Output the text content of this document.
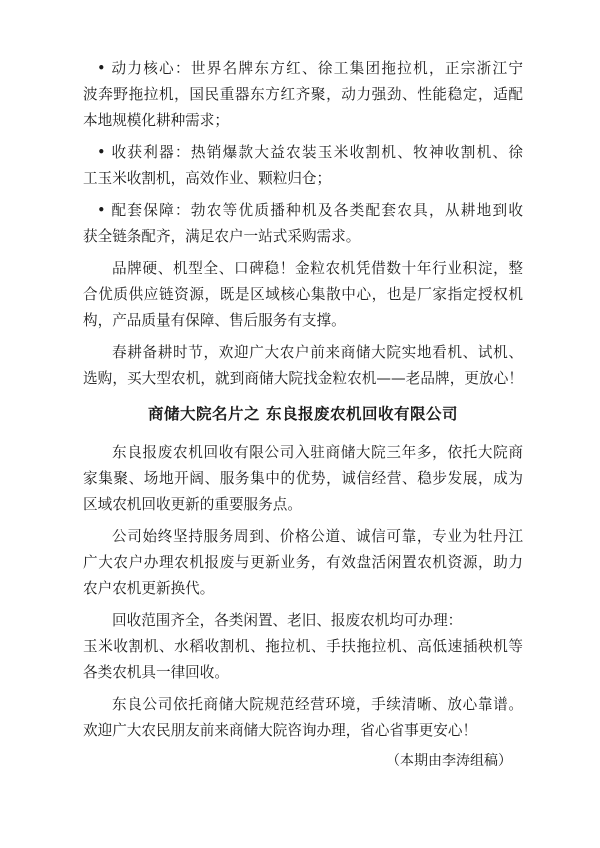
• 动力核心：世界名牌东方红、徐工集团拖拉机，正宗浙江宁
波奔野拖拉机，国民重器东方红齐聚，动力强劲、性能稳定，适配
本地规模化耕种需求；
• 收获利器：热销爆款大益农装玉米收割机、牧神收割机、徐
工玉米收割机，高效作业、颗粒归仓；
• 配套保障：勃农等优质播种机及各类配套农具，从耕地到收
获全链条配齐，满足农户一站式采购需求。
品牌硬、机型全、口碑稳！金粒农机凭借数十年行业积淀，整
合优质供应链资源，既是区域核心集散中心，也是厂家指定授权机
构，产品质量有保障、售后服务有支撑。
春耕备耕时节，欢迎广大农户前来商储大院实地看机、试机、
选购，买大型农机，就到商储大院找金粒农机——老品牌，更放心！
商储大院名片之 东良报废农机回收有限公司
东良报废农机回收有限公司入驻商储大院三年多，依托大院商
家集聚、场地开阔、服务集中的优势，诚信经营、稳步发展，成为
区域农机回收更新的重要服务点。
公司始终坚持服务周到、价格公道、诚信可靠，专业为牡丹江
广大农户办理农机报废与更新业务，有效盘活闲置农机资源，助力
农户农机更新换代。
回收范围齐全，各类闲置、老旧、报废农机均可办理：
玉米收割机、水稻收割机、拖拉机、手扶拖拉机、高低速插秧机等
各类农机具一律回收。
东良公司依托商储大院规范经营环境，手续清晰、放心靠谱。
欢迎广大农民朋友前来商储大院咨询办理，省心省事更安心！
（本期由李涛组稿）
